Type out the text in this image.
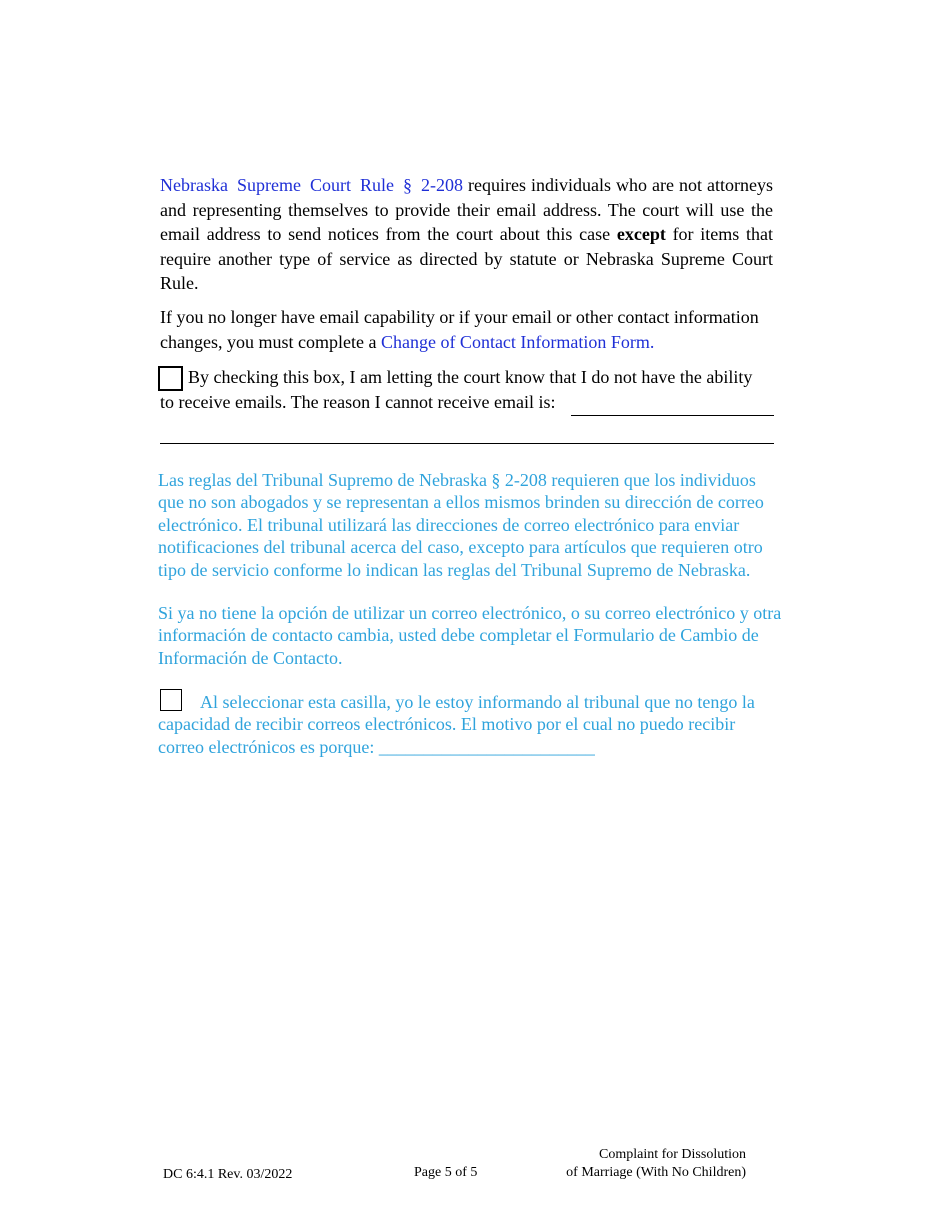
Nebraska Supreme Court Rule § 2-208 requires individuals who are not attorneys and representing themselves to provide their email address. The court will use the email address to send notices from the court about this case except for items that require another type of service as directed by statute or Nebraska Supreme Court Rule.
If you no longer have email capability or if your email or other contact information changes, you must complete a Change of Contact Information Form.
By checking this box, I am letting the court know that I do not have the ability
to receive emails. The reason I cannot receive email is:
Las reglas del Tribunal Supremo de Nebraska § 2-208 requieren que los individuos que no son abogados y se representan a ellos mismos brinden su dirección de correo electrónico. El tribunal utilizará las direcciones de correo electrónico para enviar notificaciones del tribunal acerca del caso, excepto para artículos que requieren otro tipo de servicio conforme lo indican las reglas del Tribunal Supremo de Nebraska.
Si ya no tiene la opción de utilizar un correo electrónico, o su correo electrónico y otra información de contacto cambia, usted debe completar el Formulario de Cambio de Información de Contacto.
Al seleccionar esta casilla, yo le estoy informando al tribunal que no tengo la
capacidad de recibir correos electrónicos. El motivo por el cual no puedo recibir
correo electrónicos es porque: ________________________
DC 6:4.1 Rev. 03/2022	Page 5 of 5
Complaint for Dissolution
of Marriage (With No Children)
